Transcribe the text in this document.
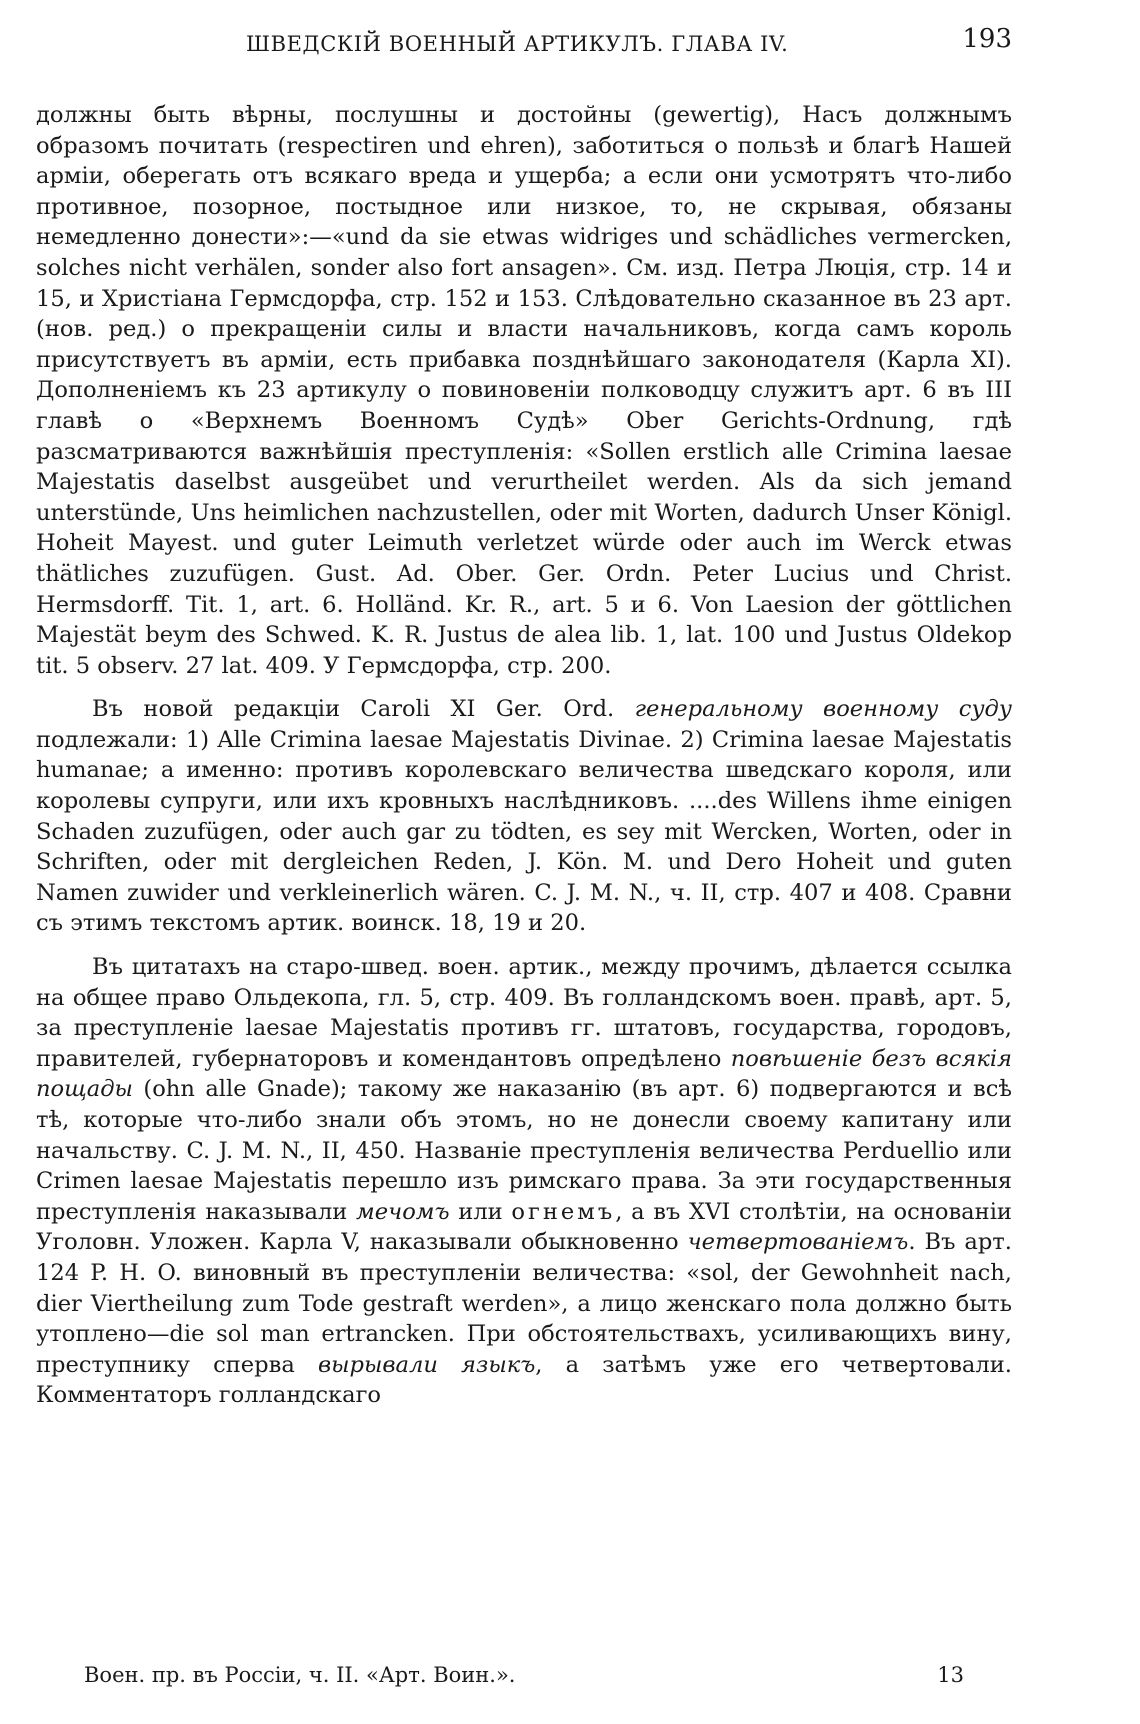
ШВЕДСКІЙ ВОЕННЫЙ АРТИКУЛЪ. ГЛАВА IV.	193

должны быть вѣрны, послушны и достойны (gewertig), Насъ должнымъ образомъ почитать (respectiren und ehren), заботиться о пользѣ и благѣ Нашей арміи, оберегать отъ всякаго вреда и ущерба; а если они усмотрятъ что-либо противное, позорное, постыдное или низкое, то, не скрывая, обязаны немедленно донести»:—«und da sie etwas widriges und schädliches vermercken, solches nicht verhälen, sonder also fort ansagen». См. изд. Петра Люція, стр. 14 и 15, и Христіана Гермсдорфа, стр. 152 и 153. Слѣдовательно сказанное въ 23 арт. (нов. ред.) о прекращеніи силы и власти начальниковъ, когда самъ король присутствуетъ въ арміи, есть прибавка позднѣйшаго законодателя (Карла XI). Дополненіемъ къ 23 артикулу о повиновеніи полководцу служитъ арт. 6 въ III главѣ о «Верхнемъ Военномъ Судѣ» Ober Gerichts-Ordnung, гдѣ разсматриваются важнѣйшія преступленія: «Sollen erstlich alle Crimina laesae Majestatis daselbst ausgeübet und verurtheilet werden. Als da sich jemand unterstünde, Uns heimlichen nachzustellen, oder mit Worten, dadurch Unser Königl. Hoheit Mayest. und guter Leimuth verletzet würde oder auch im Werck etwas thätliches zuzufügen. Gust. Ad. Ober. Ger. Ordn. Peter Lucius und Christ. Hermsdorff. Tit. 1, art. 6. Holländ. Kr. R., art. 5 и 6. Von Laesion der göttlichen Majestät beym des Schwed. K. R. Justus de alea lib. 1, lat. 100 und Justus Oldekop tit. 5 observ. 27 lat. 409. У Гермсдорфа, стр. 200.

Въ новой редакціи Caroli XI Ger. Ord. генеральному военному суду подлежали: 1) Alle Crimina laesae Majestatis Divinae. 2) Crimina laesae Majestatis humanae; а именно: противъ королевскаго величества шведскаго короля, или королевы супруги, или ихъ кровныхъ наслѣдниковъ. ....des Willens ihme einigen Schaden zuzufügen, oder auch gar zu tödten, es sey mit Wercken, Worten, oder in Schriften, oder mit dergleichen Reden, J. Kön. M. und Dero Hoheit und guten Namen zuwider und verkleinerlich wären. C. J. M. N., ч. II, стр. 407 и 408. Сравни съ этимъ текстомъ артик. воинск. 18, 19 и 20.

Въ цитатахъ на старо-швед. воен. артик., между прочимъ, дѣлается ссылка на общее право Ольдекопа, гл. 5, стр. 409. Въ голландскомъ воен. правѣ, арт. 5, за преступленіе laesae Majestatis противъ гг. штатовъ, государства, городовъ, правителей, губернаторовъ и комендантовъ опредѣлено повѣшеніе безъ всякія пощады (ohn alle Gnade); такому же наказанію (въ арт. 6) подвергаются и всѣ тѣ, которые что-либо знали объ этомъ, но не донесли своему капитану или начальству. C. J. M. N., II, 450. Названіе преступленія величества Perduellio или Crimen laesae Majestatis перешло изъ римскаго права. За эти государственныя преступленія наказывали мечомъ или огнемъ, а въ XVI столѣтіи, на основаніи Уголовн. Уложен. Карла V, наказывали обыкновенно четвертованіемъ. Въ арт. 124 P. H. O. виновный въ преступленіи величества: «sol, der Gewohnheit nach, dier Viertheilung zum Tode gestraft werden», а лицо женскаго пола должно быть утоплено—die sol man ertrancken. При обстоятельствахъ, усиливающихъ вину, преступнику сперва вырывали языкъ, а затѣмъ уже его четвертовали. Комментаторъ голландскаго

Воен. пр. въ Россіи, ч. II. «Арт. Воин.».	13
